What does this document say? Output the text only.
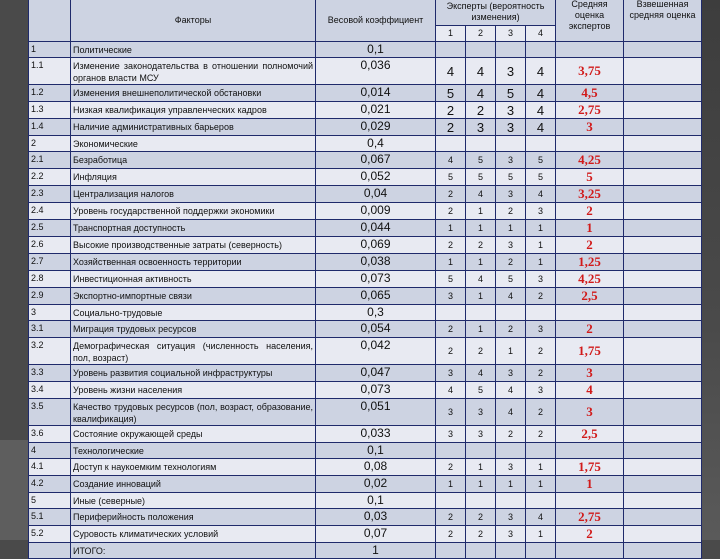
	Факторы	Весовой коэффициент	Эксперты (вероятность изменения)				Средняя оценка экспертов	Взвешенная средняя оценка
			1	2	3	4		
1	Политические	0,1						
1.1	Изменение законодательства в отношении полномочий органов власти МСУ	0,036	4	4	3	4	3,75	
1.2	Изменения внешнеполитической обстановки	0,014	5	4	5	4	4,5	
1.3	Низкая квалификация управленческих кадров	0,021	2	2	3	4	2,75	
1.4	Наличие административных барьеров	0,029	2	3	3	4	3	
2	Экономические	0,4						
2.1	Безработица	0,067	4	5	3	5	4,25	
2.2	Инфляция	0,052	5	5	5	5	5	
2.3	Централизация налогов	0,04	2	4	3	4	3,25	
2.4	Уровень государственной поддержки экономики	0,009	2	1	2	3	2	
2.5	Транспортная доступность	0,044	1	1	1	1	1	
2.6	Высокие производственные затраты (северность)	0,069	2	2	3	1	2	
2.7	Хозяйственная освоенность территории	0,038	1	1	2	1	1,25	
2.8	Инвестиционная активность	0,073	5	4	5	3	4,25	
2.9	Экспортно-импортные связи	0,065	3	1	4	2	2,5	
3	Социально-трудовые	0,3						
3.1	Миграция трудовых ресурсов	0,054	2	1	2	3	2	
3.2	Демографическая ситуация (численность населения, пол, возраст)	0,042	2	2	1	2	1,75	
3.3	Уровень развития социальной инфраструктуры	0,047	3	4	3	2	3	
3.4	Уровень жизни населения	0,073	4	5	4	3	4	
3.5	Качество трудовых ресурсов (пол, возраст, образование, квалификация)	0,051	3	3	4	2	3	
3.6	Состояние окружающей среды	0,033	3	3	2	2	2,5	
4	Технологические	0,1						
4.1	Доступ к наукоемким технологиям	0,08	2	1	3	1	1,75	
4.2	Создание инноваций	0,02	1	1	1	1	1	
5	Иные (северные)	0,1						
5.1	Периферийность положения	0,03	2	2	3	4	2,75	
5.2	Суровость климатических условий	0,07	2	2	3	1	2	
	ИТОГО:	1						
